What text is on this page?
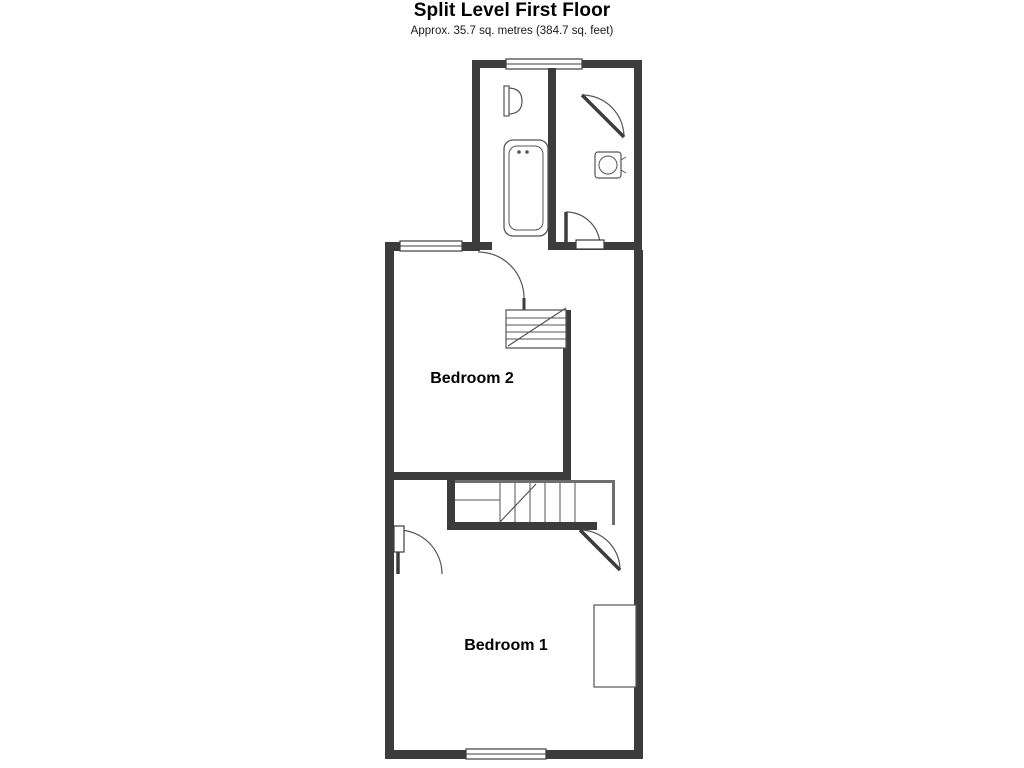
Split Level First Floor
Approx. 35.7 sq. metres (384.7 sq. feet)
Bedroom 2
Bedroom 1
